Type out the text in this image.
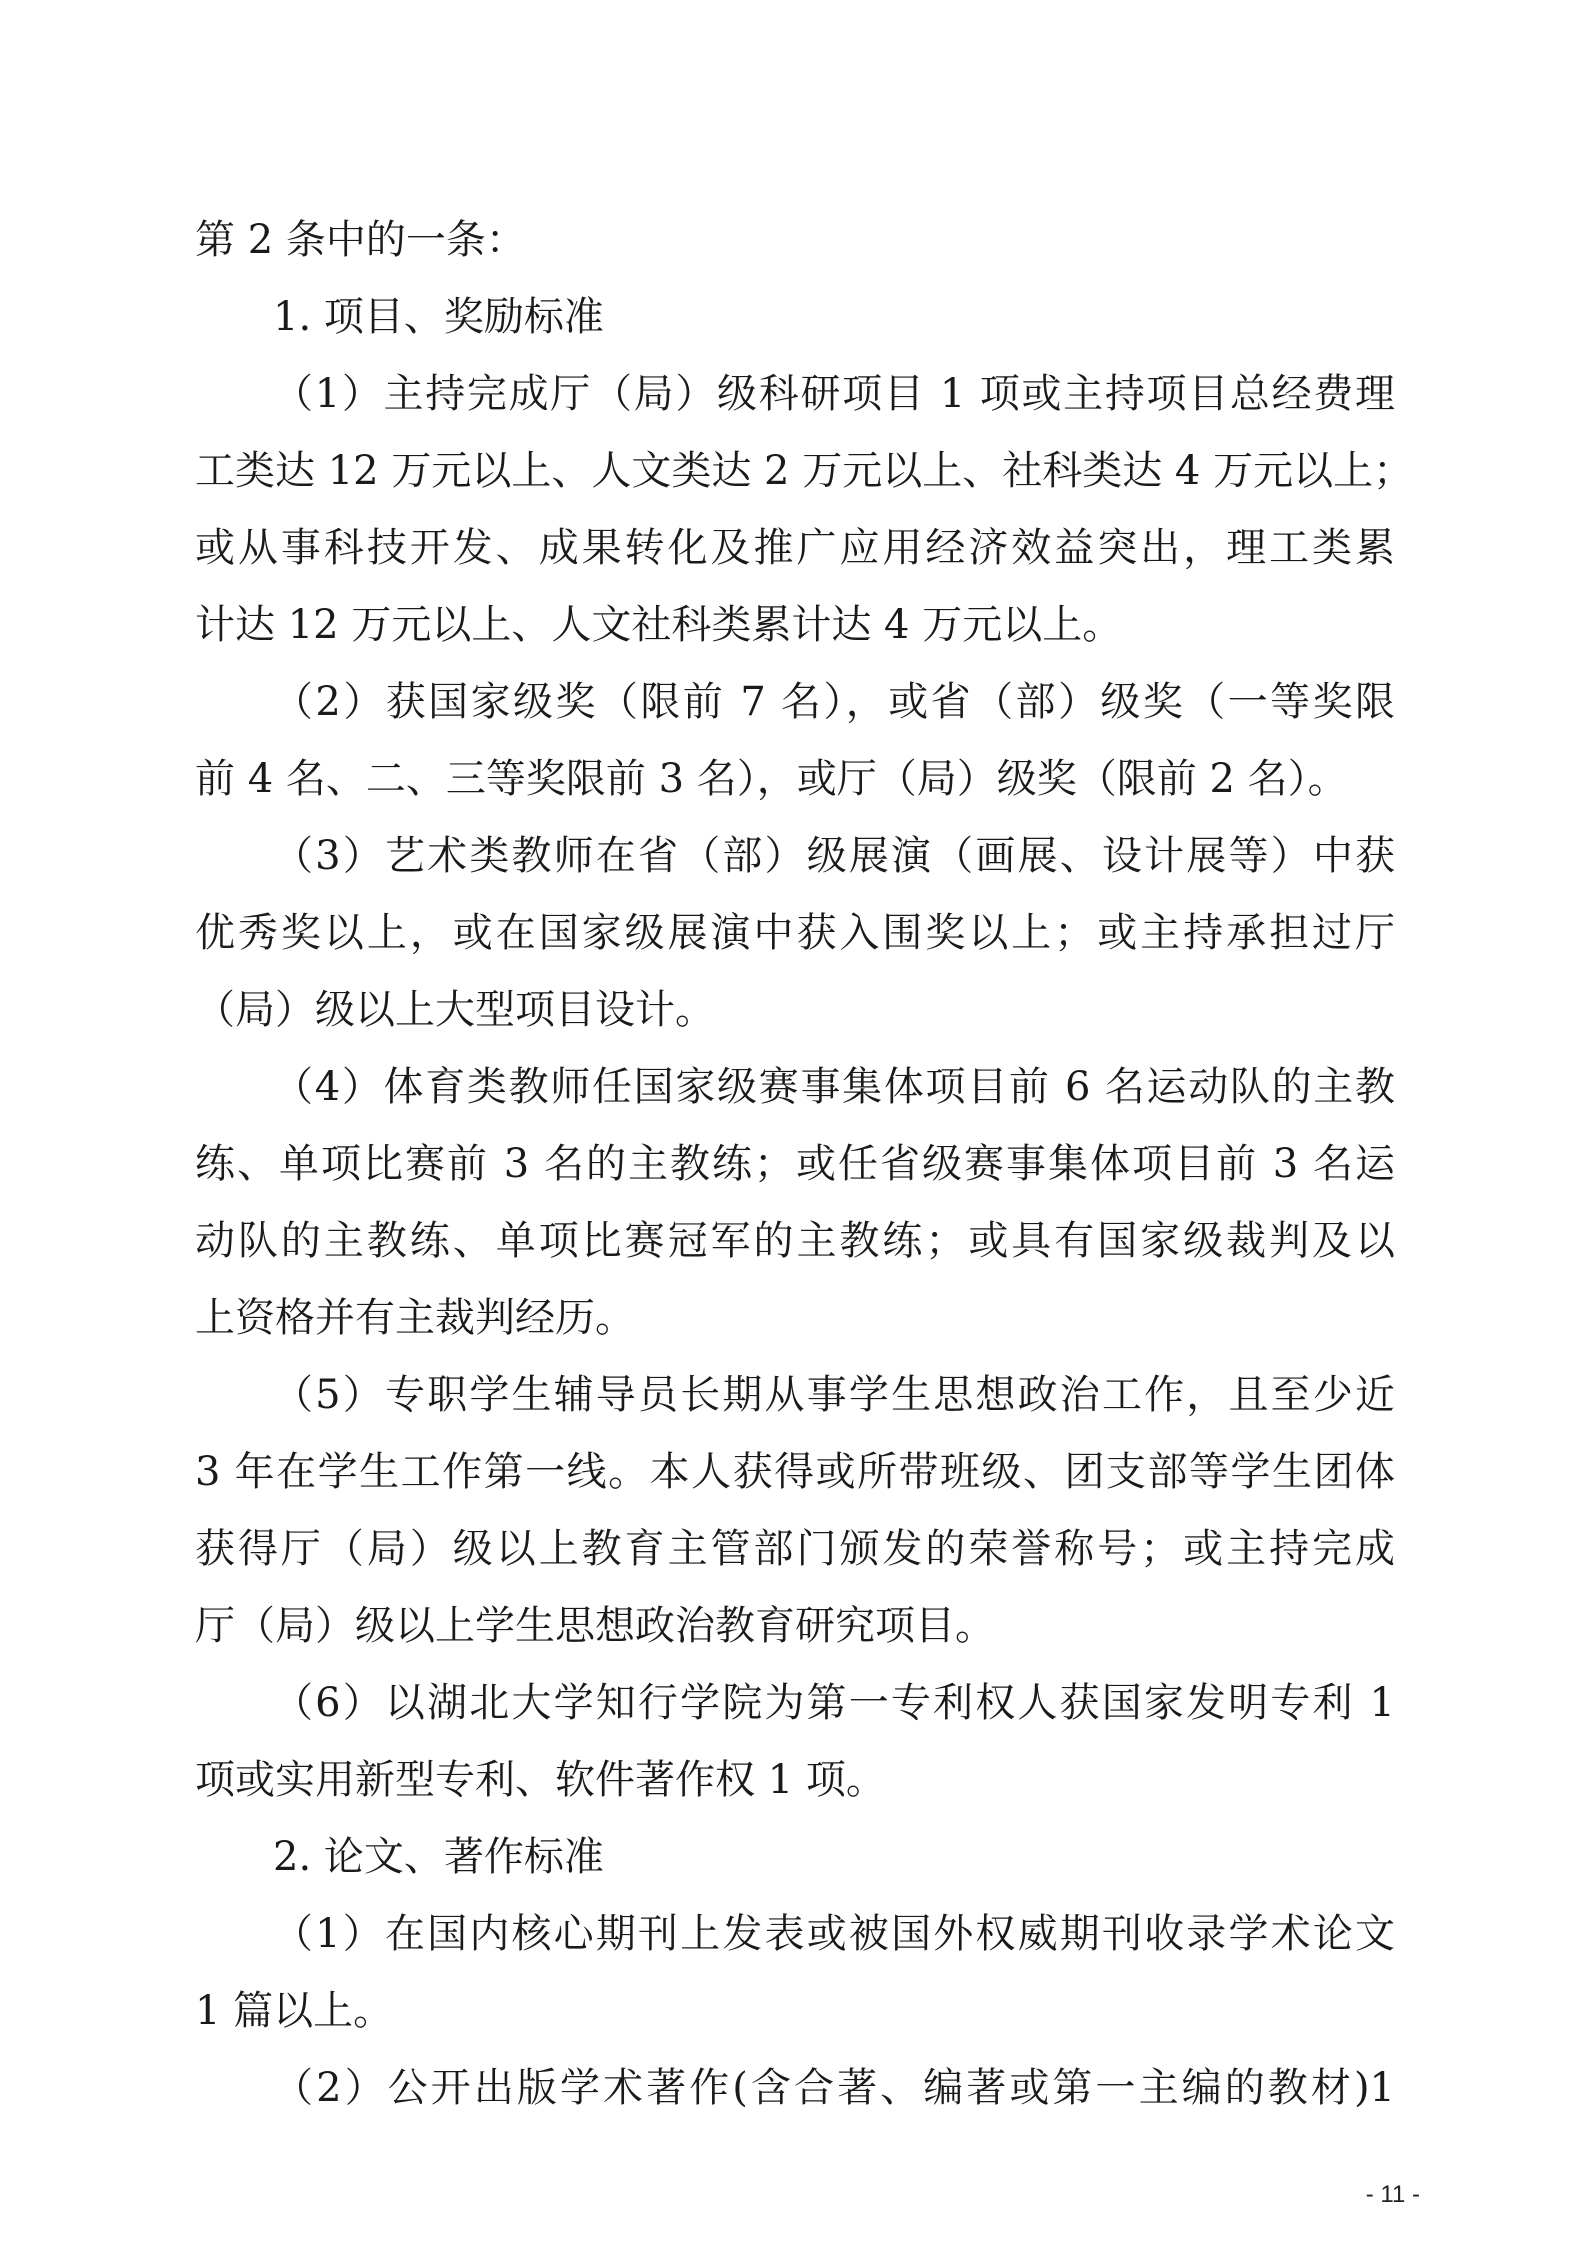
第 2 条中的一条：
1. 项目、奖励标准
（1）主持完成厅（局）级科研项目 1 项或主持项目总经费理
工类达 12 万元以上、人文类达 2 万元以上、社科类达 4 万元以上；
或从事科技开发、成果转化及推广应用经济效益突出，理工类累
计达 12 万元以上、人文社科类累计达 4 万元以上。
（2）获国家级奖（限前 7 名），或省（部）级奖（一等奖限
前 4 名、二、三等奖限前 3 名），或厅（局）级奖（限前 2 名）。
（3）艺术类教师在省（部）级展演（画展、设计展等）中获
优秀奖以上，或在国家级展演中获入围奖以上；或主持承担过厅
（局）级以上大型项目设计。
（4）体育类教师任国家级赛事集体项目前 6 名运动队的主教
练、单项比赛前 3 名的主教练；或任省级赛事集体项目前 3 名运
动队的主教练、单项比赛冠军的主教练；或具有国家级裁判及以
上资格并有主裁判经历。
（5）专职学生辅导员长期从事学生思想政治工作，且至少近
3 年在学生工作第一线。本人获得或所带班级、团支部等学生团体
获得厅（局）级以上教育主管部门颁发的荣誉称号；或主持完成
厅（局）级以上学生思想政治教育研究项目。
（6）以湖北大学知行学院为第一专利权人获国家发明专利 1
项或实用新型专利、软件著作权 1 项。
2. 论文、著作标准
（1）在国内核心期刊上发表或被国外权威期刊收录学术论文
1 篇以上。
（2）公开出版学术著作(含合著、编著或第一主编的教材)1
- 11 -
